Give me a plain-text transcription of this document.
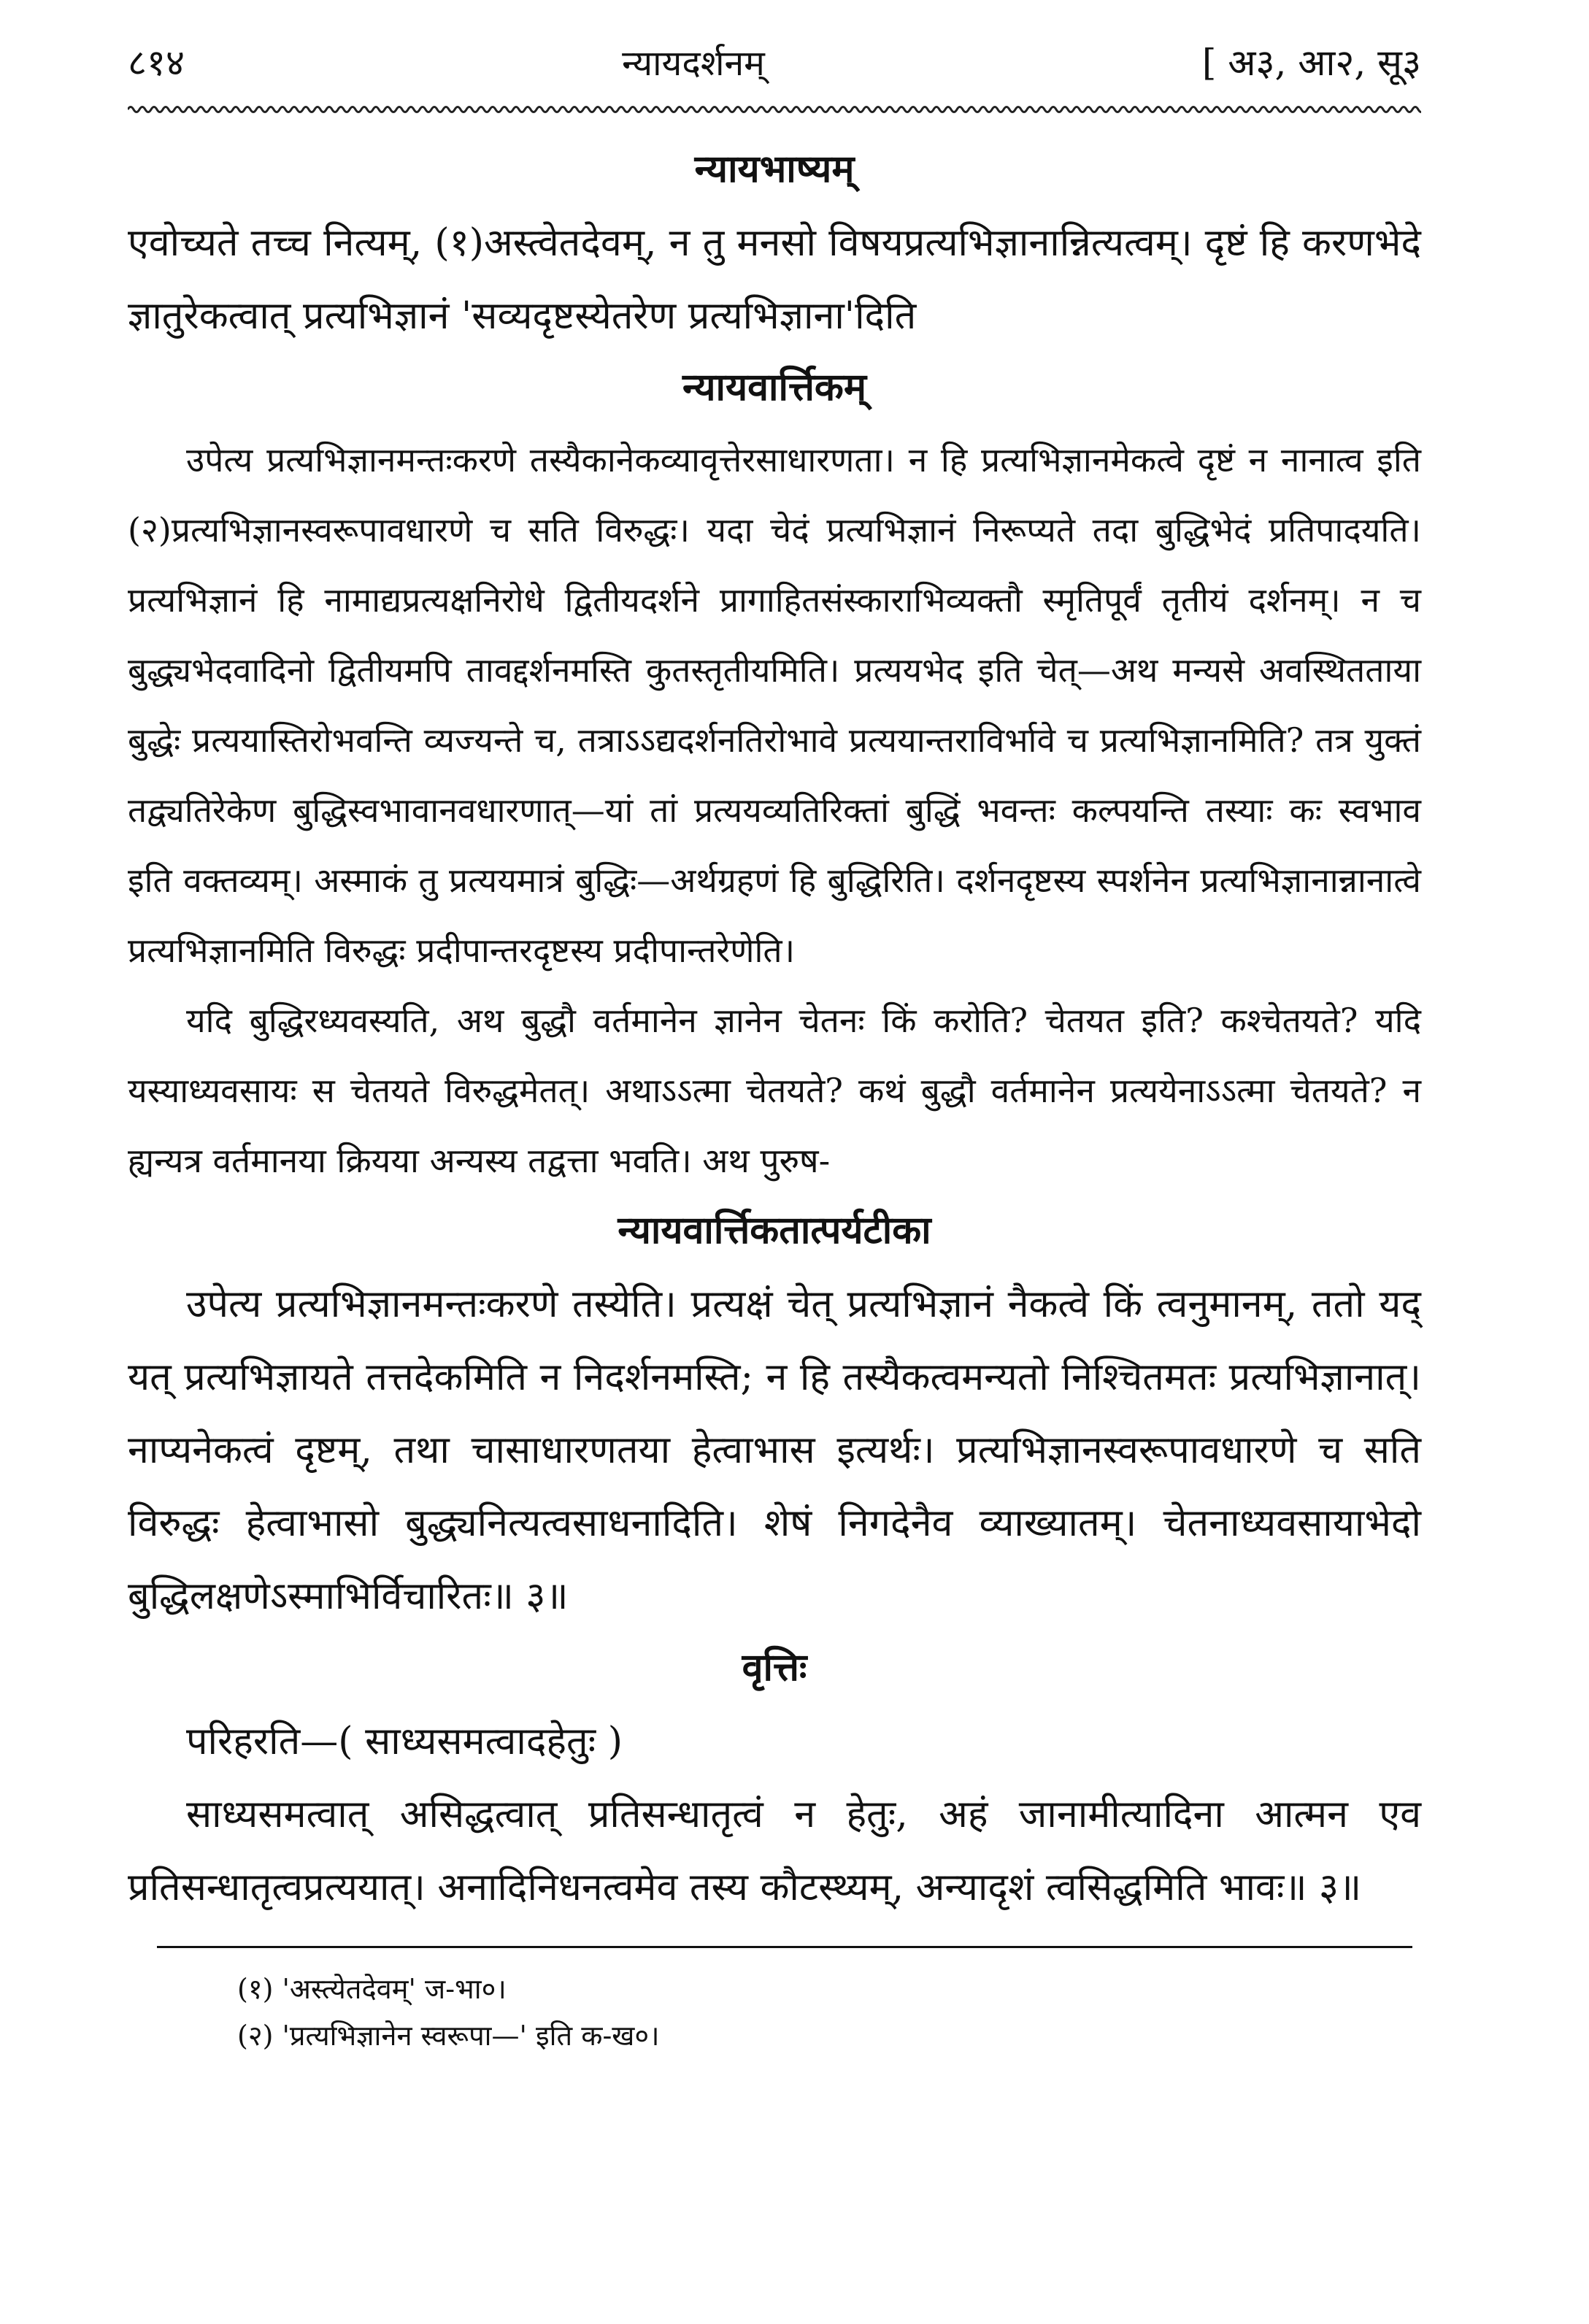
८१४	न्यायदर्शनम्	[ अ३, आ२, सू३
न्यायभाष्यम्

एवोच्यते तच्च नित्यम्, (१)अस्त्वेतदेवम्, न तु मनसो विषयप्रत्यभिज्ञानान्नित्यत्वम्। दृष्टं हि करणभेदे ज्ञातुरेकत्वात् प्रत्यभिज्ञानं 'सव्यदृष्टस्येतरेण प्रत्यभिज्ञाना'दिति

न्यायवार्त्तिकम्

उपेत्य प्रत्यभिज्ञानमन्तःकरणे तस्यैकानेकव्यावृत्तेरसाधारणता। न हि प्रत्यभिज्ञानमेकत्वे दृष्टं न नानात्व इति (२)प्रत्यभिज्ञानस्वरूपावधारणे च सति विरुद्धः। यदा चेदं प्रत्यभिज्ञानं निरूप्यते तदा बुद्धिभेदं प्रतिपादयति। प्रत्यभिज्ञानं हि नामाद्यप्रत्यक्षनिरोधे द्वितीयदर्शने प्रागाहितसंस्काराभिव्यक्तौ स्मृतिपूर्वं तृतीयं दर्शनम्। न च बुद्ध्यभेदवादिनो द्वितीयमपि तावद्दर्शनमस्ति कुतस्तृतीयमिति। प्रत्ययभेद इति चेत्—अथ मन्यसे अवस्थितताया बुद्धेः प्रत्ययास्तिरोभवन्ति व्यज्यन्ते च, तत्राऽऽद्यदर्शनतिरोभावे प्रत्ययान्तराविर्भावे च प्रत्यभिज्ञानमिति? तत्र युक्तं तद्व्यतिरेकेण बुद्धिस्वभावानवधारणात्—यां तां प्रत्ययव्यतिरिक्तां बुद्धिं भवन्तः कल्पयन्ति तस्याः कः स्वभाव इति वक्तव्यम्। अस्माकं तु प्रत्ययमात्रं बुद्धिः—अर्थग्रहणं हि बुद्धिरिति। दर्शनदृष्टस्य स्पर्शनेन प्रत्यभिज्ञानान्नानात्वे प्रत्यभिज्ञानमिति विरुद्धः प्रदीपान्तरदृष्टस्य प्रदीपान्तरेणेति।

यदि बुद्धिरध्यवस्यति, अथ बुद्धौ वर्तमानेन ज्ञानेन चेतनः किं करोति? चेतयत इति? कश्चेतयते? यदि यस्याध्यवसायः स चेतयते विरुद्धमेतत्। अथाऽऽत्मा चेतयते? कथं बुद्धौ वर्तमानेन प्रत्ययेनाऽऽत्मा चेतयते? न ह्यन्यत्र वर्तमानया क्रियया अन्यस्य तद्वत्ता भवति। अथ पुरुष-

न्यायवार्त्तिकतात्पर्यटीका

उपेत्य प्रत्यभिज्ञानमन्तःकरणे तस्येति। प्रत्यक्षं चेत् प्रत्यभिज्ञानं नैकत्वे किं त्वनुमानम्, ततो यद् यत् प्रत्यभिज्ञायते तत्तदेकमिति न निदर्शनमस्ति; न हि तस्यैकत्वमन्यतो निश्चितमतः प्रत्यभिज्ञानात्। नाप्यनेकत्वं दृष्टम्, तथा चासाधारणतया हेत्वाभास इत्यर्थः। प्रत्यभिज्ञानस्वरूपावधारणे च सति विरुद्धः हेत्वाभासो बुद्ध्यनित्यत्वसाधनादिति। शेषं निगदेनैव व्याख्यातम्। चेतनाध्यवसायाभेदो बुद्धिलक्षणेऽस्माभिर्विचारितः॥ ३॥

वृत्तिः

परिहरति—( साध्यसमत्वादहेतुः )

साध्यसमत्वात् असिद्धत्वात् प्रतिसन्धातृत्वं न हेतुः, अहं जानामीत्यादिना आत्मन एव प्रतिसन्धातृत्वप्रत्ययात्। अनादिनिधनत्वमेव तस्य कौटस्थ्यम्, अन्यादृशं त्वसिद्धमिति भावः॥ ३॥

(१) 'अस्त्येतदेवम्' ज-भा०।

(२) 'प्रत्यभिज्ञानेन स्वरूपा—' इति क-ख०।
